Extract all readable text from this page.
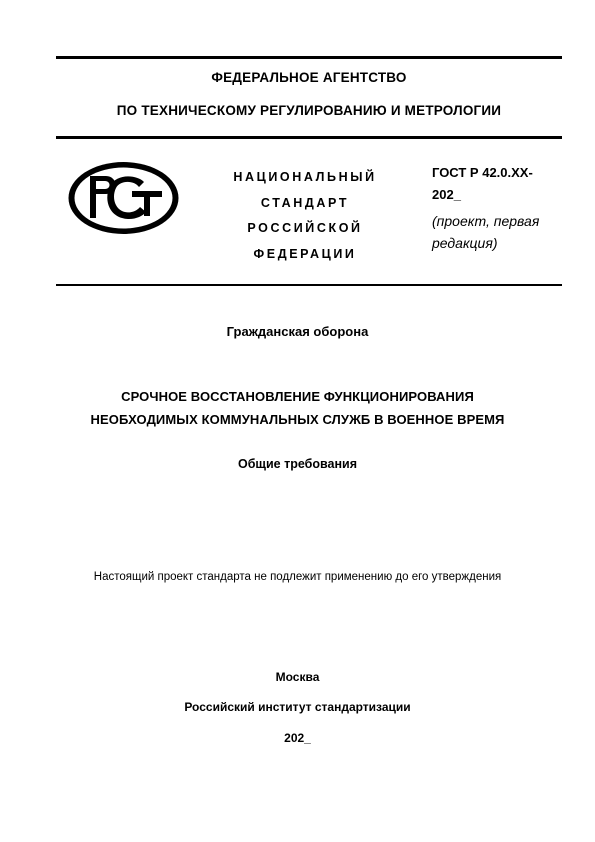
ФЕДЕРАЛЬНОЕ АГЕНТСТВО
ПО ТЕХНИЧЕСКОМУ РЕГУЛИРОВАНИЮ И МЕТРОЛОГИИ
НАЦИОНАЛЬНЫЙ
СТАНДАРТ
РОССИЙСКОЙ
ФЕДЕРАЦИИ
ГОСТ Р 42.0.ХХ-
202_
(проект, первая
редакция)
Гражданская оборона
СРОЧНОЕ ВОССТАНОВЛЕНИЕ ФУНКЦИОНИРОВАНИЯ
НЕОБХОДИМЫХ КОММУНАЛЬНЫХ СЛУЖБ В ВОЕННОЕ ВРЕМЯ
Общие требования
Настоящий проект стандарта не подлежит применению до его утверждения
Москва
Российский институт стандартизации
202_
